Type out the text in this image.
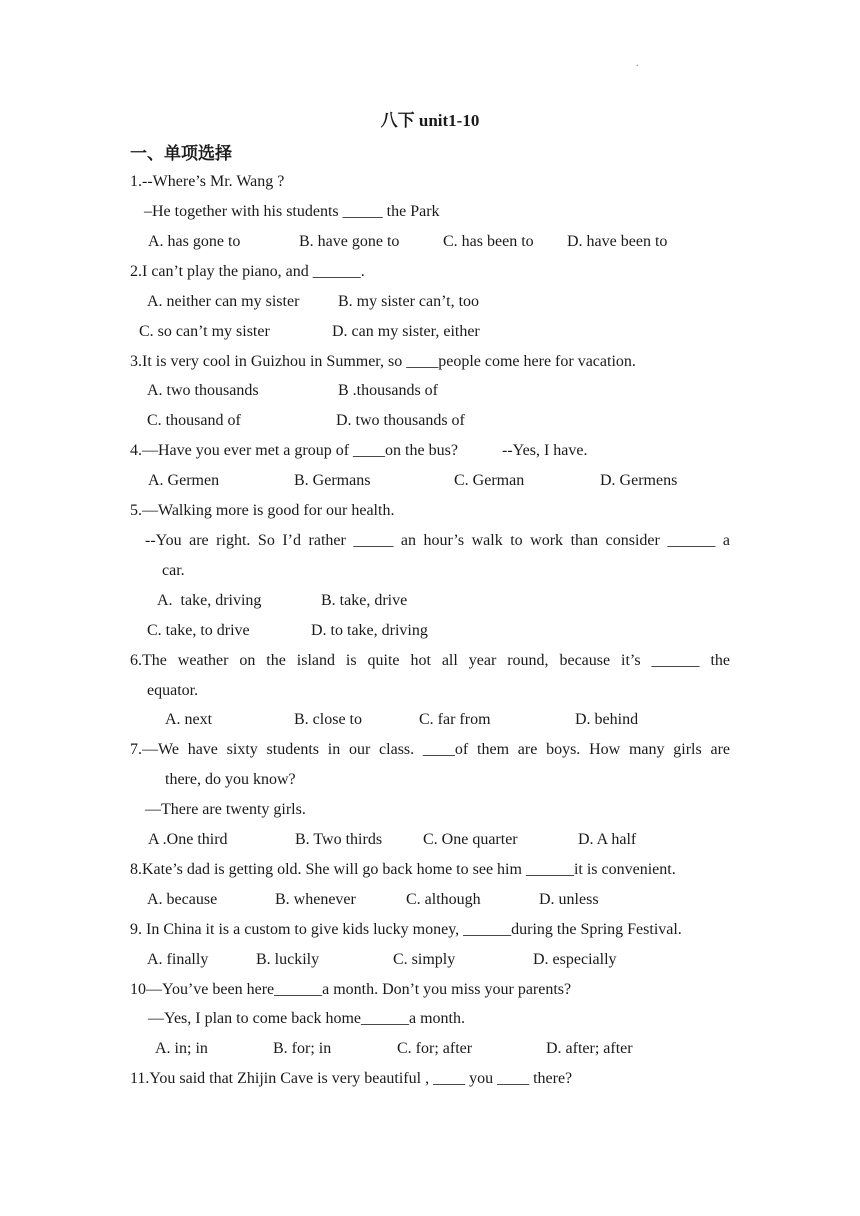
.
八下 unit1-10
一、单项选择
1.--Where’s Mr. Wang ?
–He together with his students _____ the Park
A. has gone to	B. have gone to	C. has been to D. have been to
2.I can’t play the piano, and ______.
A. neither can my sister B. my sister can’t, too
C. so can’t my sister	D. can my sister, either
3.It is very cool in Guizhou in Summer, so ____people come here for vacation.
A. two thousands	B .thousands of
C. thousand of	D. two thousands of
4.—Have you ever met a group of ____on the bus?	--Yes, I have.
A. Germen	B. Germans	C. German	D. Germens
5.—Walking more is good for our health.
--You are right. So I’d rather _____ an hour’s walk to work than consider ______ a
car.
A.  take, driving	B. take, drive
C. take, to drive	D. to take, driving
6.The weather on the island is quite hot all year round, because it’s ______ the
equator.
A. next	B. close to	C. far from	D. behind
7.—We have sixty students in our class. ____of them are boys. How many girls are
there, do you know?
—There are twenty girls.
A .One third	B. Two thirds	C. One quarter	D. A half
8.Kate’s dad is getting old. She will go back home to see him ______it is convenient.
A. because	B. whenever	C. although	D. unless
9. In China it is a custom to give kids lucky money, ______during the Spring Festival.
A. finally	B. luckily	C. simply	D. especially
10—You’ve been here______a month. Don’t you miss your parents?
—Yes, I plan to come back home______a month.
A. in; in	B. for; in	C. for; after	D. after; after
11.You said that Zhijin Cave is very beautiful , ____ you ____ there?
